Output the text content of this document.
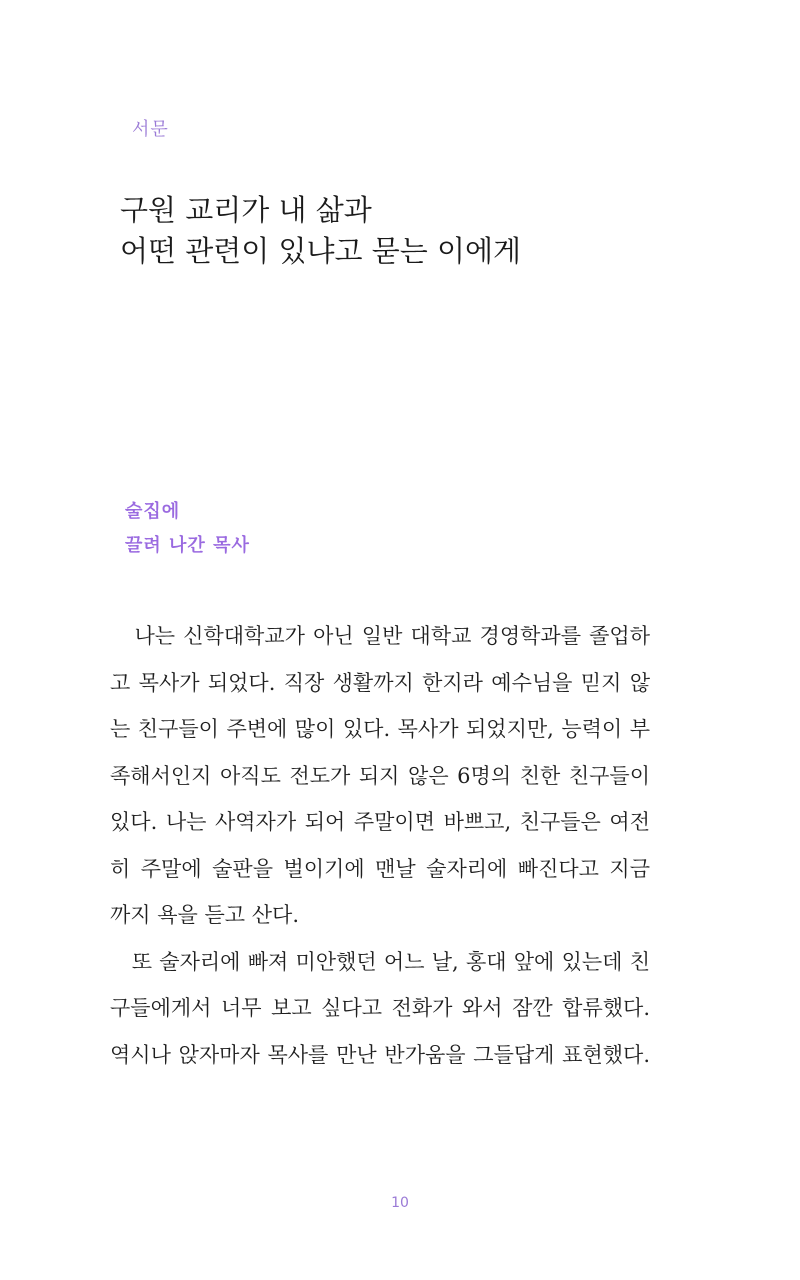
서문
구원 교리가 내 삶과
어떤 관련이 있냐고 묻는 이에게
술집에
끌려 나간 목사
나는 신학대학교가 아닌 일반 대학교 경영학과를 졸업하
고 목사가 되었다. 직장 생활까지 한지라 예수님을 믿지 않
는 친구들이 주변에 많이 있다. 목사가 되었지만, 능력이 부
족해서인지 아직도 전도가 되지 않은 6명의 친한 친구들이
있다. 나는 사역자가 되어 주말이면 바쁘고, 친구들은 여전
히 주말에 술판을 벌이기에 맨날 술자리에 빠진다고 지금
까지 욕을 듣고 산다.
또 술자리에 빠져 미안했던 어느 날, 홍대 앞에 있는데 친
구들에게서 너무 보고 싶다고 전화가 와서 잠깐 합류했다.
역시나 앉자마자 목사를 만난 반가움을 그들답게 표현했다.
10
